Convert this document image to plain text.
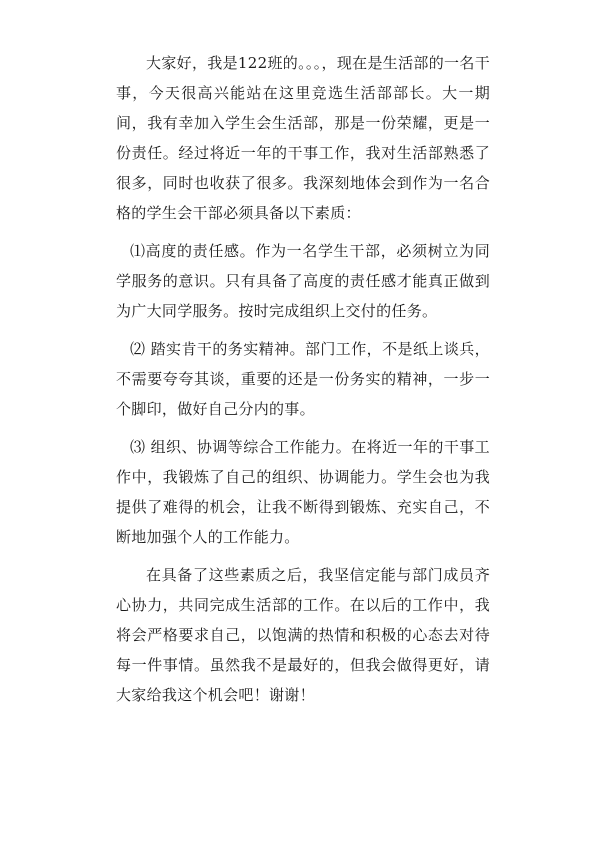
大家好，我是122班的。。。，现在是生活部的一名干事，今天很高兴能站在这里竞选生活部部长。大一期间，我有幸加入学生会生活部，那是一份荣耀，更是一份责任。经过将近一年的干事工作，我对生活部熟悉了很多，同时也收获了很多。我深刻地体会到作为一名合格的学生会干部必须具备以下素质：

⑴高度的责任感。作为一名学生干部，必须树立为同学服务的意识。只有具备了高度的责任感才能真正做到为广大同学服务。按时完成组织上交付的任务。

⑵ 踏实肯干的务实精神。部门工作，不是纸上谈兵，不需要夸夸其谈，重要的还是一份务实的精神，一步一个脚印，做好自己分内的事。

⑶ 组织、协调等综合工作能力。在将近一年的干事工作中，我锻炼了自己的组织、协调能力。学生会也为我提供了难得的机会，让我不断得到锻炼、充实自己，不断地加强个人的工作能力。

在具备了这些素质之后，我坚信定能与部门成员齐心协力，共同完成生活部的工作。在以后的工作中，我将会严格要求自己，以饱满的热情和积极的心态去对待每一件事情。虽然我不是最好的，但我会做得更好，请大家给我这个机会吧！谢谢！
